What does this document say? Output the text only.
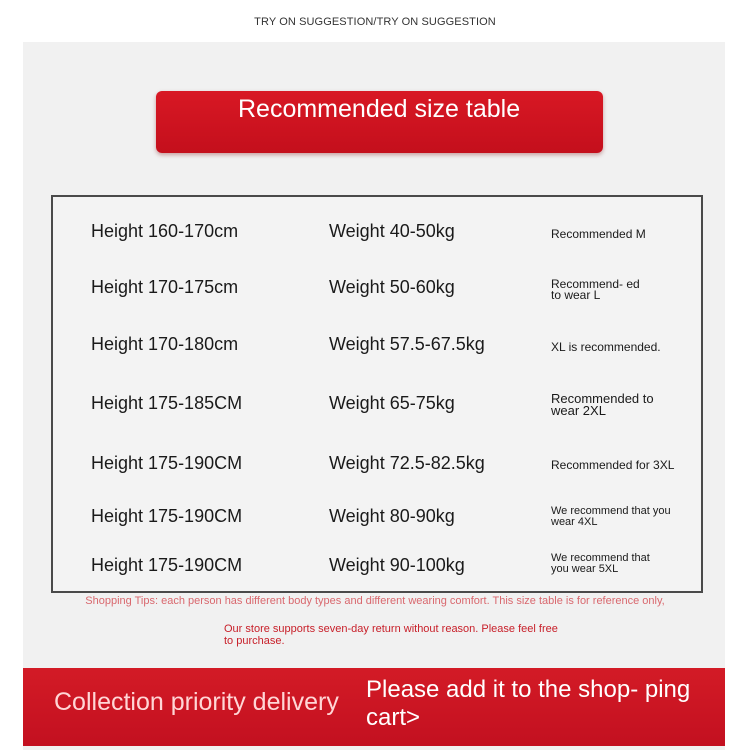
TRY ON SUGGESTION/TRY ON SUGGESTION
Recommended size table
Height 160-170cm	Weight 40-50kg	Recommended M
Height 170-175cm	Weight 50-60kg	Recommend- ed to wear L
Height 170-180cm	Weight 57.5-67.5kg	XL is recommended.
Height 175-185CM	Weight 65-75kg	Recommended to wear 2XL
Height 175-190CM	Weight 72.5-82.5kg	Recommended for 3XL
Height 175-190CM	Weight 80-90kg	We recommend that you wear 4XL
Height 175-190CM	Weight 90-100kg	We recommend that you wear 5XL
Shopping Tips: each person has different body types and different wearing comfort. This size table is for reference only,
Our store supports seven-day return without reason. Please feel free to purchase.
Collection priority delivery Please add it to the shop- ping cart>
